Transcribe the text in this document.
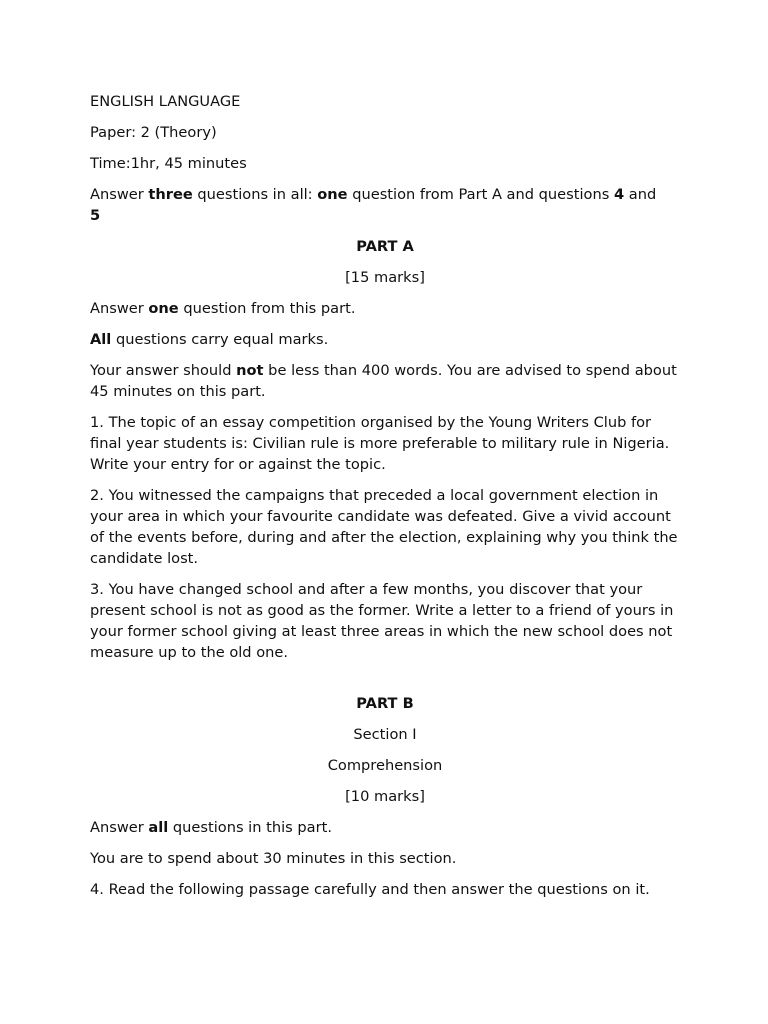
ENGLISH LANGUAGE

Paper: 2 (Theory)

Time:1hr, 45 minutes

Answer three questions in all: one question from Part A and questions 4 and
5

PART A

[15 marks]

Answer one question from this part.

All questions carry equal marks.

Your answer should not be less than 400 words. You are advised to spend about 45 minutes on this part.

1. The topic of an essay competition organised by the Young Writers Club for final year students is: Civilian rule is more preferable to military rule in Nigeria. Write your entry for or against the topic.

2. You witnessed the campaigns that preceded a local government election in your area in which your favourite candidate was defeated. Give a vivid account of the events before, during and after the election, explaining why you think the candidate lost.

3. You have changed school and after a few months, you discover that your present school is not as good as the former. Write a letter to a friend of yours in your former school giving at least three areas in which the new school does not measure up to the old one.

PART B

Section I

Comprehension

[10 marks]

Answer all questions in this part.

You are to spend about 30 minutes in this section.

4. Read the following passage carefully and then answer the questions on it.
